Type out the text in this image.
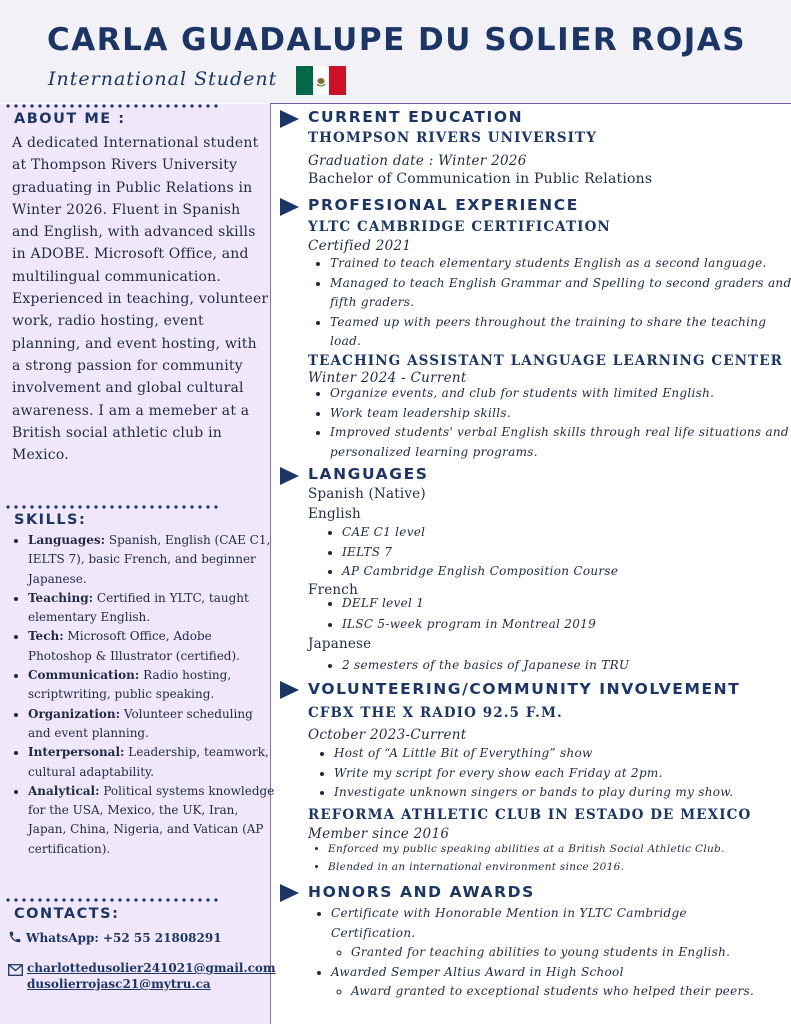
CARLA GUADALUPE DU SOLIER ROJAS
International Student
ABOUT ME :
A dedicated International student at Thompson Rivers University graduating in Public Relations in Winter 2026. Fluent in Spanish and English, with advanced skills in ADOBE. Microsoft Office, and multilingual communication. Experienced in teaching, volunteer work, radio hosting, event planning, and event hosting, with a strong passion for community involvement and global cultural awareness. I am a memeber at a British social athletic club in Mexico.
SKILLS:
• Languages: Spanish, English (CAE C1, IELTS 7), basic French, and beginner Japanese.
• Teaching: Certified in YLTC, taught elementary English.
• Tech: Microsoft Office, Adobe Photoshop & Illustrator (certified).
• Communication: Radio hosting, scriptwriting, public speaking.
• Organization: Volunteer scheduling and event planning.
• Interpersonal: Leadership, teamwork, cultural adaptability.
• Analytical: Political systems knowledge for the USA, Mexico, the UK, Iran, Japan, China, Nigeria, and Vatican (AP certification).
CONTACTS:
WhatsApp: +52 55 21808291
charlottedusolier241021@gmail.com
dusolierrojasc21@mytru.ca
CURRENT EDUCATION
THOMPSON RIVERS UNIVERSITY
Graduation date : Winter 2026
Bachelor of Communication in Public Relations
PROFESIONAL EXPERIENCE
YLTC CAMBRIDGE CERTIFICATION
Certified 2021
• Trained to teach elementary students English as a second language.
• Managed to teach English Grammar and Spelling to second graders and fifth graders.
• Teamed up with peers throughout the training to share the teaching load.
TEACHING ASSISTANT LANGUAGE LEARNING CENTER
Winter 2024 - Current
• Organize events, and club for students with limited English.
• Work team leadership skills.
• Improved students' verbal English skills through real life situations and personalized learning programs.
LANGUAGES
Spanish (Native)
English
• CAE C1 level
• IELTS 7
• AP Cambridge English Composition Course
French
• DELF level 1
• ILSC 5-week program in Montreal 2019
Japanese
• 2 semesters of the basics of Japanese in TRU
VOLUNTEERING/COMMUNITY INVOLVEMENT
CFBX THE X RADIO 92.5 F.M.
October 2023-Current
• Host of “A Little Bit of Everything” show
• Write my script for every show each Friday at 2pm.
• Investigate unknown singers or bands to play during my show.
REFORMA ATHLETIC CLUB IN ESTADO DE MEXICO
Member since 2016
• Enforced my public speaking abilities at a British Social Athletic Club.
• Blended in an international environment since 2016.
HONORS AND AWARDS
• Certificate with Honorable Mention in YLTC Cambridge Certification.
◦ Granted for teaching abilities to young students in English.
• Awarded Semper Altius Award in High School
◦ Award granted to exceptional students who helped their peers.
